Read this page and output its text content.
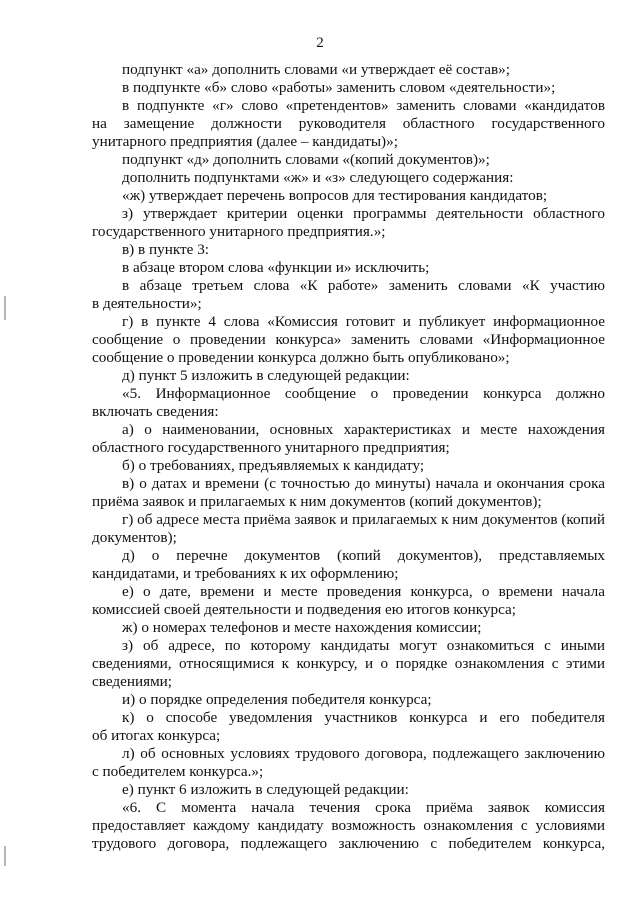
2
подпункт «а» дополнить словами «и утверждает её состав»;
в подпункте «б» слово «работы» заменить словом «деятельности»;
в подпункте «г» слово «претендентов» заменить словами «кандидатов
на замещение должности руководителя областного государственного
унитарного предприятия (далее – кандидаты)»;
подпункт «д» дополнить словами «(копий документов)»;
дополнить подпунктами «ж» и «з» следующего содержания:
«ж) утверждает перечень вопросов для тестирования кандидатов;
з) утверждает критерии оценки программы деятельности областного
государственного унитарного предприятия.»;
в) в пункте 3:
в абзаце втором слова «функции и» исключить;
в абзаце третьем слова «К работе» заменить словами «К участию
в деятельности»;
г) в пункте 4 слова «Комиссия готовит и публикует информационное
сообщение о проведении конкурса» заменить словами «Информационное
сообщение о проведении конкурса должно быть опубликовано»;
д) пункт 5 изложить в следующей редакции:
«5. Информационное сообщение о проведении конкурса должно
включать сведения:
а) о наименовании, основных характеристиках и месте нахождения
областного государственного унитарного предприятия;
б) о требованиях, предъявляемых к кандидату;
в) о датах и времени (с точностью до минуты) начала и окончания срока
приёма заявок и прилагаемых к ним документов (копий документов);
г) об адресе места приёма заявок и прилагаемых к ним документов (копий
документов);
д) о перечне документов (копий документов), представляемых
кандидатами, и требованиях к их оформлению;
е) о дате, времени и месте проведения конкурса, о времени начала
комиссией своей деятельности и подведения ею итогов конкурса;
ж) о номерах телефонов и месте нахождения комиссии;
з) об адресе, по которому кандидаты могут ознакомиться с иными
сведениями, относящимися к конкурсу, и о порядке ознакомления с этими
сведениями;
и) о порядке определения победителя конкурса;
к) о способе уведомления участников конкурса и его победителя
об итогах конкурса;
л) об основных условиях трудового договора, подлежащего заключению
с победителем конкурса.»;
е) пункт 6 изложить в следующей редакции:
«6. С момента начала течения срока приёма заявок комиссия
предоставляет каждому кандидату возможность ознакомления с условиями
трудового договора, подлежащего заключению с победителем конкурса,
